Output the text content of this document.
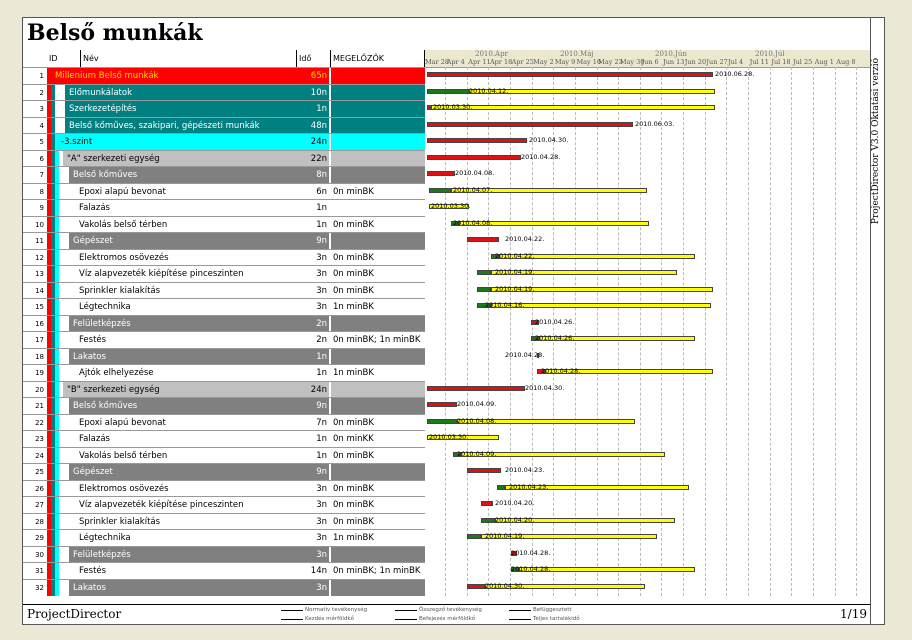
Belső munkák
ID	Név	Idő	MEGELŐZŐK
1	Millenium Belső munkák	65n
2	Előmunkálatok	10n
3	Szerkezetépítés	1n
4	Belső kőműves, szakipari, gépészeti munkák	48n
5	-3.szint	24n
6	"A" szerkezeti egység	22n
7	Belső kőműves	8n
8	Epoxi alapú bevonat	6n 0n minBK
9	Falazás	1n
10	Vakolás belső térben	1n 0n minBK
11	Gépészet	9n
12	Elektromos osövezés	3n 0n minBK
13	Víz alapvezeték kiépítése pinceszinten	3n 0n minBK
14	Sprinkler kialakítás	3n 0n minBK
15	Légtechnika	3n 1n minBK
16	Felületképzés	2n
17	Festés	2n 0n minBK; 1n minBK
18	Lakatos	1n
19	Ajtók elhelyezése	1n 1n minBK
20	"B" szerkezeti egység	24n
21	Belső kőműves	9n
22	Epoxi alapú bevonat	7n 0n minBK
23	Falazás	1n 0n minKK
24	Vakolás belső térben	1n 0n minBK
25	Gépészet	9n
26	Elektromos osövezés	3n 0n minBK
27	Víz alapvezeték kiépítése pinceszinten	3n 0n minBK
28	Sprinkler kialakítás	3n 0n minBK
29	Légtechnika	3n 1n minBK
30	Felületképzés	3n
31	Festés	14n 0n minBK; 1n minBK
32	Lakatos	3n
Mar 28
Apr 4 Apr 11 Apr 18 Apr 25 May 2 May 9 May 16
May 23
May 30
Jun 6 Jun 13 Jun 20 Jun 27 Jul 4 Jul 11 Jul 18 Jul 25 Aug 1 Aug 8
2010.Ápr	2010.Máj	2010.Jún	2010.Júl
2010.06.28.
2010.04.12.
2010.03.30.
2010.06.03.
2010.04.30.
2010.04.28.
2010.04.08.
2010.04.07.
2010.03.30.
2010.04.08.
2010.04.22.
2010.04.22.
2010.04.19.
2010.04.19.
2010.04.16.
2010.04.26.
2010.04.26.
2010.04.28.
2010.04.28.
2010.04.30.
2010.04.09.
2010.04.08.
2010.03.30.
2010.04.09.
2010.04.23.
2010.04.23.
2010.04.20.
2010.04.20.
2010.04.19.
2010.04.28.
2010.04.28.
2010.04.30.
ProjectDirector	Normatív tevékenység
Kezdés mérföldkő
Összegző tevékenység
Befejezés mérföldkő
Befüggesztett
Teljes tartalékidő	1/19
ProjectDirector V3.0 Oktatási verzió
